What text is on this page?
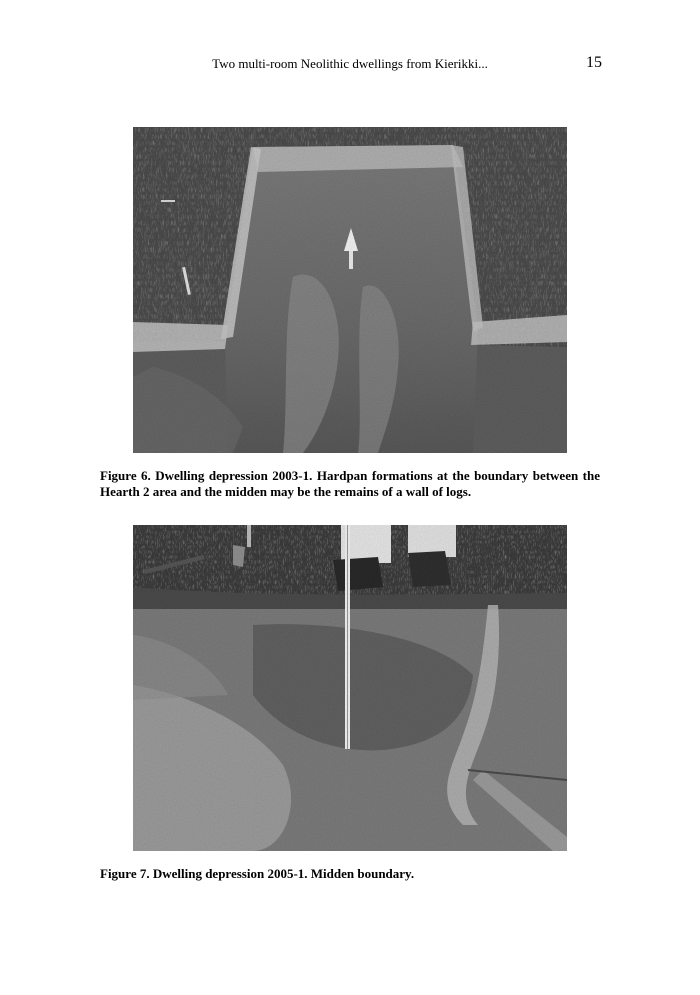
Two multi-room Neolithic dwellings from Kierikki...	15
Figure 6. Dwelling depression 2003-1. Hardpan formations at the boundary between the Hearth 2 area and the midden may be the remains of a wall of logs.
Figure 7. Dwelling depression 2005-1. Midden boundary.
